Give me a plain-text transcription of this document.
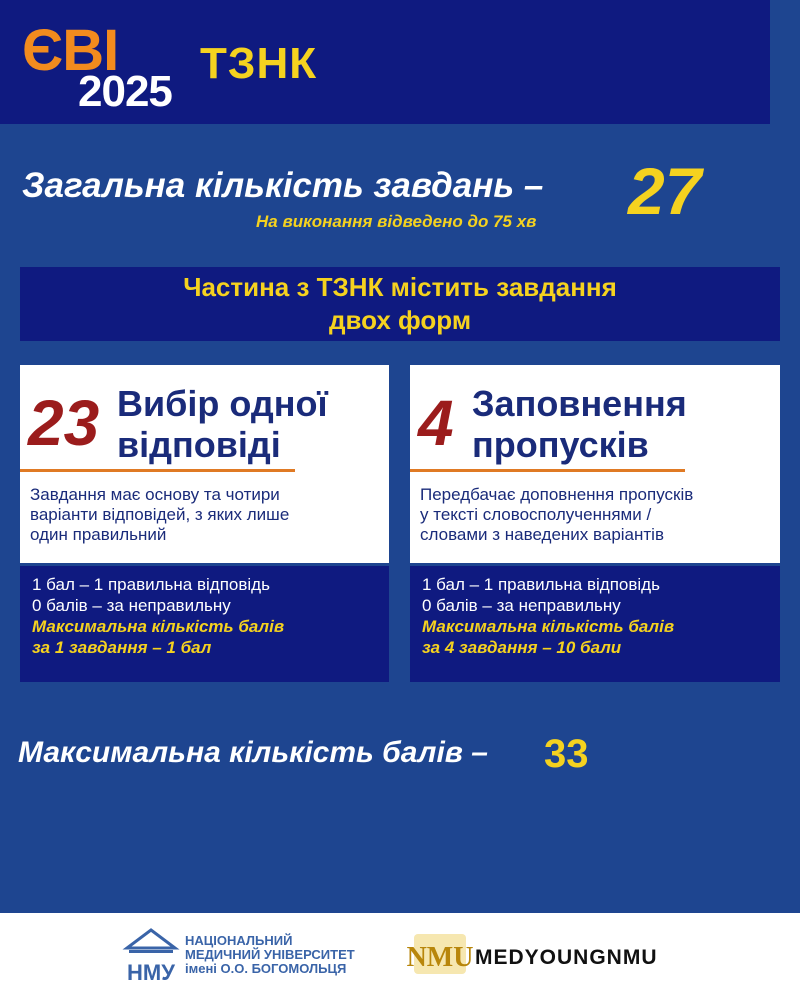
ЄВІ
2025
ТЗНК
Загальна кількість завдань – 27
На виконання відведено до 75 хв
Частина з ТЗНК містить завдання
двох форм
23 Вибір одної
відповіді
Завдання має основу та чотири
варіанти відповідей, з яких лише
один правильний
1 бал – 1 правильна відповідь
0 балів – за неправильну
Максимальна кількість балів
за 1 завдання – 1 бал
4 Заповнення
пропусків
Передбачає доповнення пропусків
у тексті словосполученнями /
словами з наведених варіантів
1 бал – 1 правильна відповідь
0 балів – за неправильну
Максимальна кількість балів
за 4 завдання – 10 бали
Максимальна кількість балів – 33
НМУ
НАЦІОНАЛЬНИЙ
МЕДИЧНИЙ УНІВЕРСИТЕТ
імені О.О. БОГОМОЛЬЦЯ	NMU MEDYOUNGNMU
